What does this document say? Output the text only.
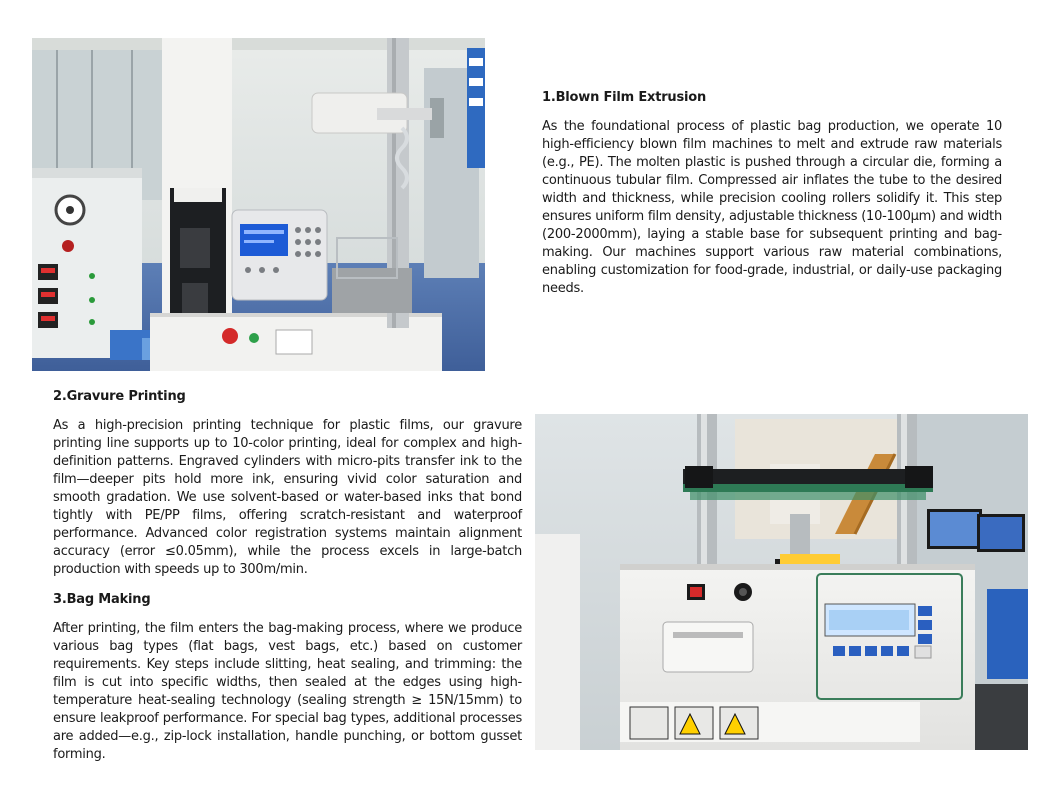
1.Blown Film Extrusion

As the foundational process of plastic bag production, we operate 10 high-efficiency blown film machines to melt and extrude raw materials (e.g., PE). The molten plastic is pushed through a circular die, forming a continuous tubular film. Compressed air inflates the tube to the desired width and thickness, while precision cooling rollers solidify it. This step ensures uniform film density, adjustable thickness (10-100μm) and width (200-2000mm), laying a stable base for subsequent printing and bag-making. Our machines support various raw material combinations, enabling customization for food-grade, industrial, or daily-use packaging needs.

2.Gravure Printing

As a high-precision printing technique for plastic films, our gravure printing line supports up to 10-color printing, ideal for complex and high-definition patterns. Engraved cylinders with micro-pits transfer ink to the film—deeper pits hold more ink, ensuring vivid color saturation and smooth gradation. We use solvent-based or water-based inks that bond tightly with PE/PP films, offering scratch-resistant and waterproof performance. Advanced color registration systems maintain alignment accuracy (error ≤0.05mm), while the process excels in large-batch production with speeds up to 300m/min.

3.Bag Making

After printing, the film enters the bag-making process, where we produce various bag types (flat bags, vest bags, etc.) based on customer requirements. Key steps include slitting, heat sealing, and trimming: the film is cut into specific widths, then sealed at the edges using high-temperature heat-sealing technology (sealing strength ≥ 15N/15mm) to ensure leakproof performance. For special bag types, additional processes are added—e.g., zip-lock installation, handle punching, or bottom gusset forming.
